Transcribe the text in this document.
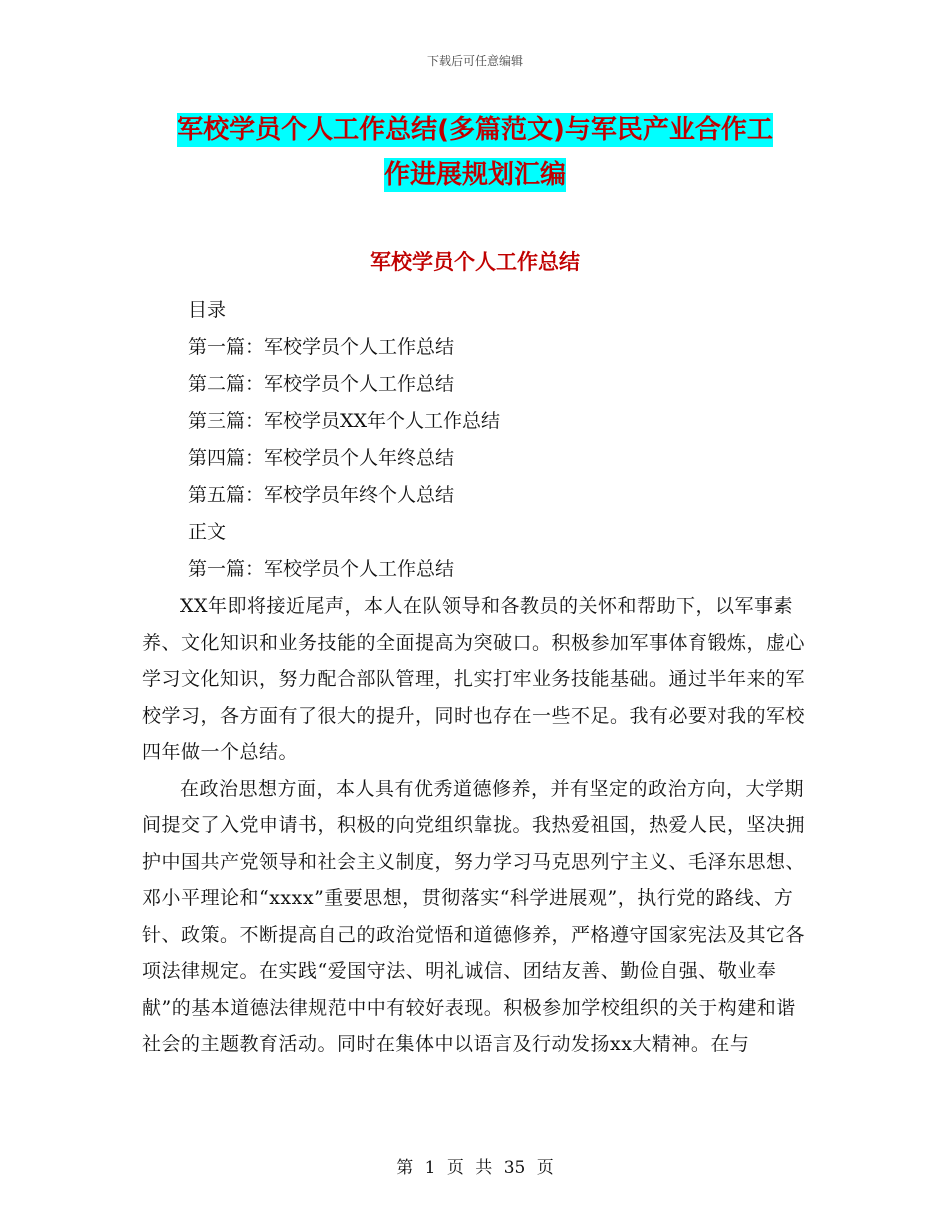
下载后可任意编辑
军校学员个人工作总结(多篇范文)与军民产业合作工
作进展规划汇编
军校学员个人工作总结
目录
第一篇：军校学员个人工作总结
第二篇：军校学员个人工作总结
第三篇：军校学员XX年个人工作总结
第四篇：军校学员个人年终总结
第五篇：军校学员年终个人总结
正文
第一篇：军校学员个人工作总结

XX年即将接近尾声，本人在队领导和各教员的关怀和帮助下，以军事素养、文化知识和业务技能的全面提高为突破口。积极参加军事体育锻炼，虚心学习文化知识，努力配合部队管理，扎实打牢业务技能基础。通过半年来的军校学习，各方面有了很大的提升，同时也存在一些不足。我有必要对我的军校四年做一个总结。

在政治思想方面，本人具有优秀道德修养，并有坚定的政治方向，大学期间提交了入党申请书，积极的向党组织靠拢。我热爱祖国，热爱人民，坚决拥护中国共产党领导和社会主义制度，努力学习马克思列宁主义、毛泽东思想、邓小平理论和“xxxx”重要思想，贯彻落实“科学进展观”，执行党的路线、方针、政策。不断提高自己的政治觉悟和道德修养，严格遵守国家宪法及其它各项法律规定。在实践“爱国守法、明礼诚信、团结友善、勤俭自强、敬业奉献”的基本道德法律规范中中有较好表现。积极参加学校组织的关于构建和谐社会的主题教育活动。同时在集体中以语言及行动发扬xx大精神。在与

第 1 页 共 35 页
